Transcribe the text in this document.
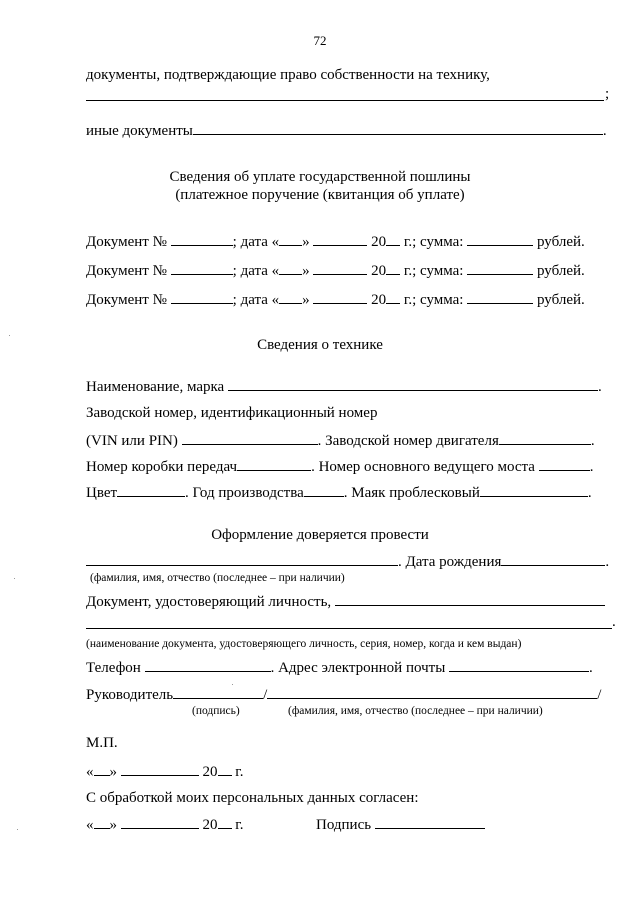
72
документы, подтверждающие право собственности на технику,
;
иные документы	.
Сведения об уплате государственной пошлины
(платежное поручение (квитанция об уплате)
Документ №	; дата « »	20 г.; сумма:	рублей.
Документ №	; дата « »	20 г.; сумма:	рублей.
Документ №	; дата « »	20 г.; сумма:	рублей.
Сведения о технике
Наименование, марка	.
Заводской номер, идентификационный номер
(VIN или PIN)	. Заводской номер двигателя	.
Номер коробки передач	. Номер основного ведущего моста	.
Цвет	. Год производства	. Маяк проблесковый	.
Оформление доверяется провести
. Дата рождения	.
(фамилия, имя, отчество (последнее – при наличии)
Документ, удостоверяющий личность,
.
(наименование документа, удостоверяющего личность, серия, номер, когда и кем выдан)
Телефон	. Адрес электронной почты	.
Руководитель	/	/
(подпись)	(фамилия, имя, отчество (последнее – при наличии)
М.П.
« »	20 г.
С обработкой моих персональных данных согласен:
« »	20 г.	Подпись
